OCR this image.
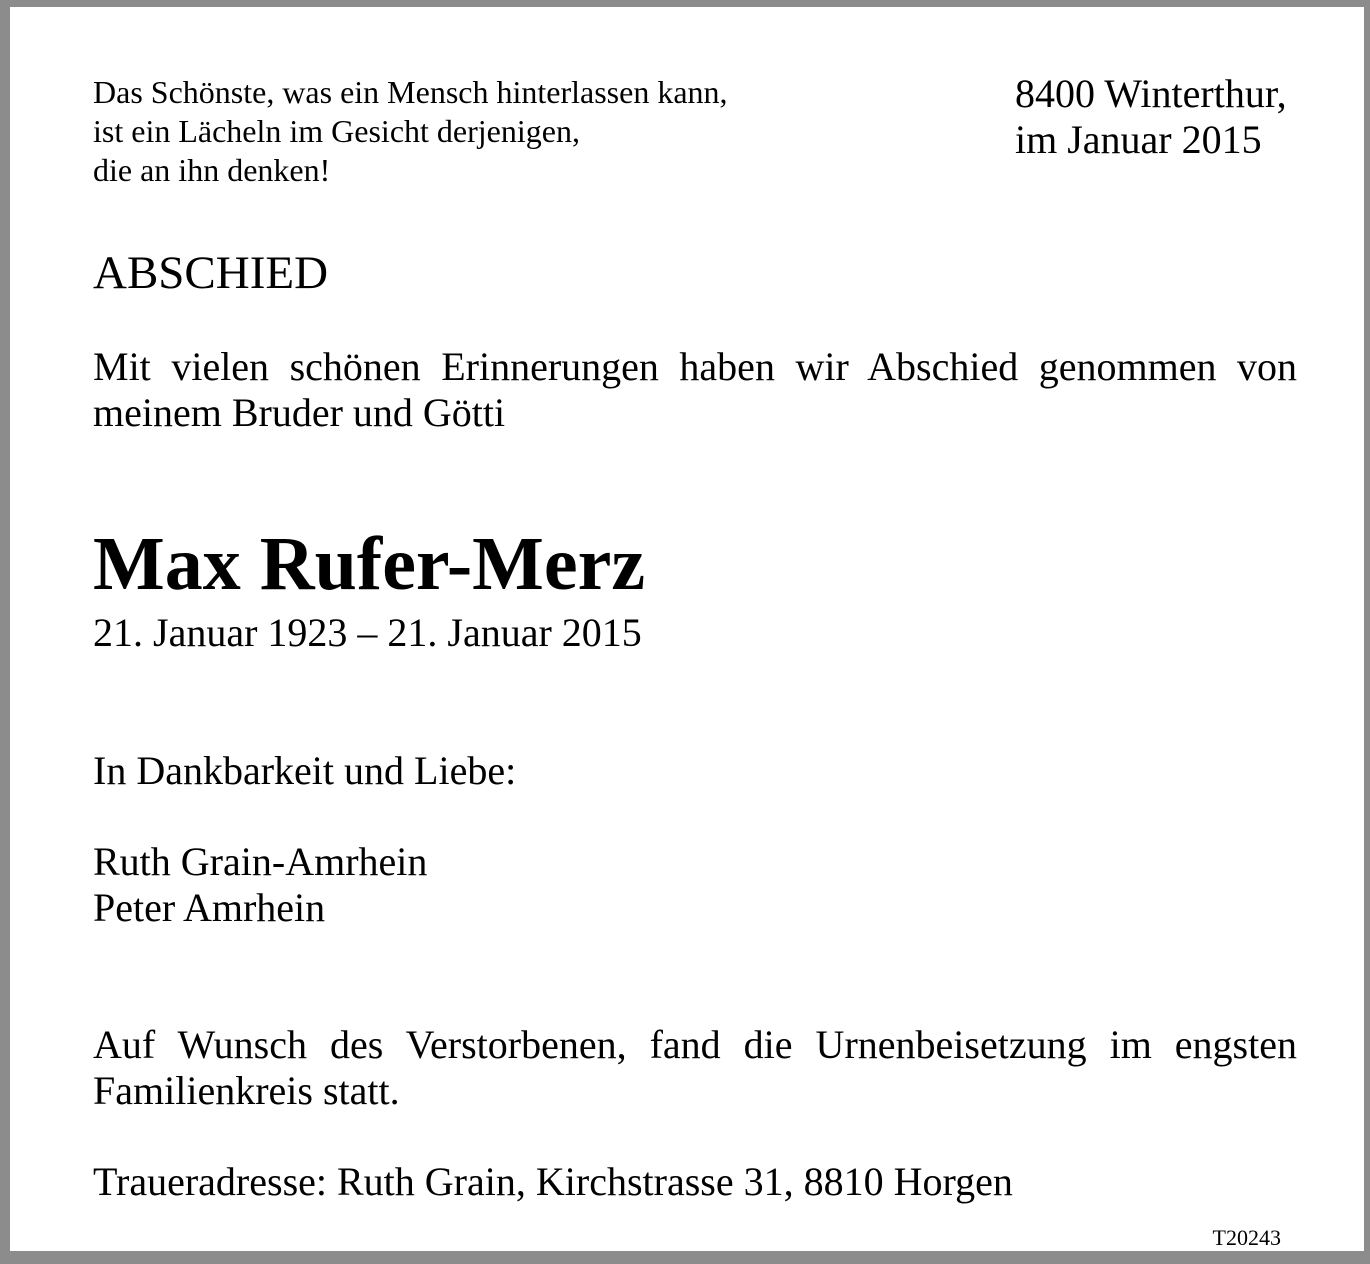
Das Schönste, was ein Mensch hinterlassen kann,
ist ein Lächeln im Gesicht derjenigen,
die an ihn denken!
8400 Winterthur,
im Januar 2015
ABSCHIED
Mit vielen schönen Erinnerungen haben wir Abschied genommen von
meinem Bruder und Götti
Max Rufer-Merz
21. Januar 1923 – 21. Januar 2015
In Dankbarkeit und Liebe:
Ruth Grain-Amrhein
Peter Amrhein
Auf Wunsch des Verstorbenen, fand die Urnenbeisetzung im engsten
Familienkreis statt.
Traueradresse: Ruth Grain, Kirchstrasse 31, 8810 Horgen
T20243
